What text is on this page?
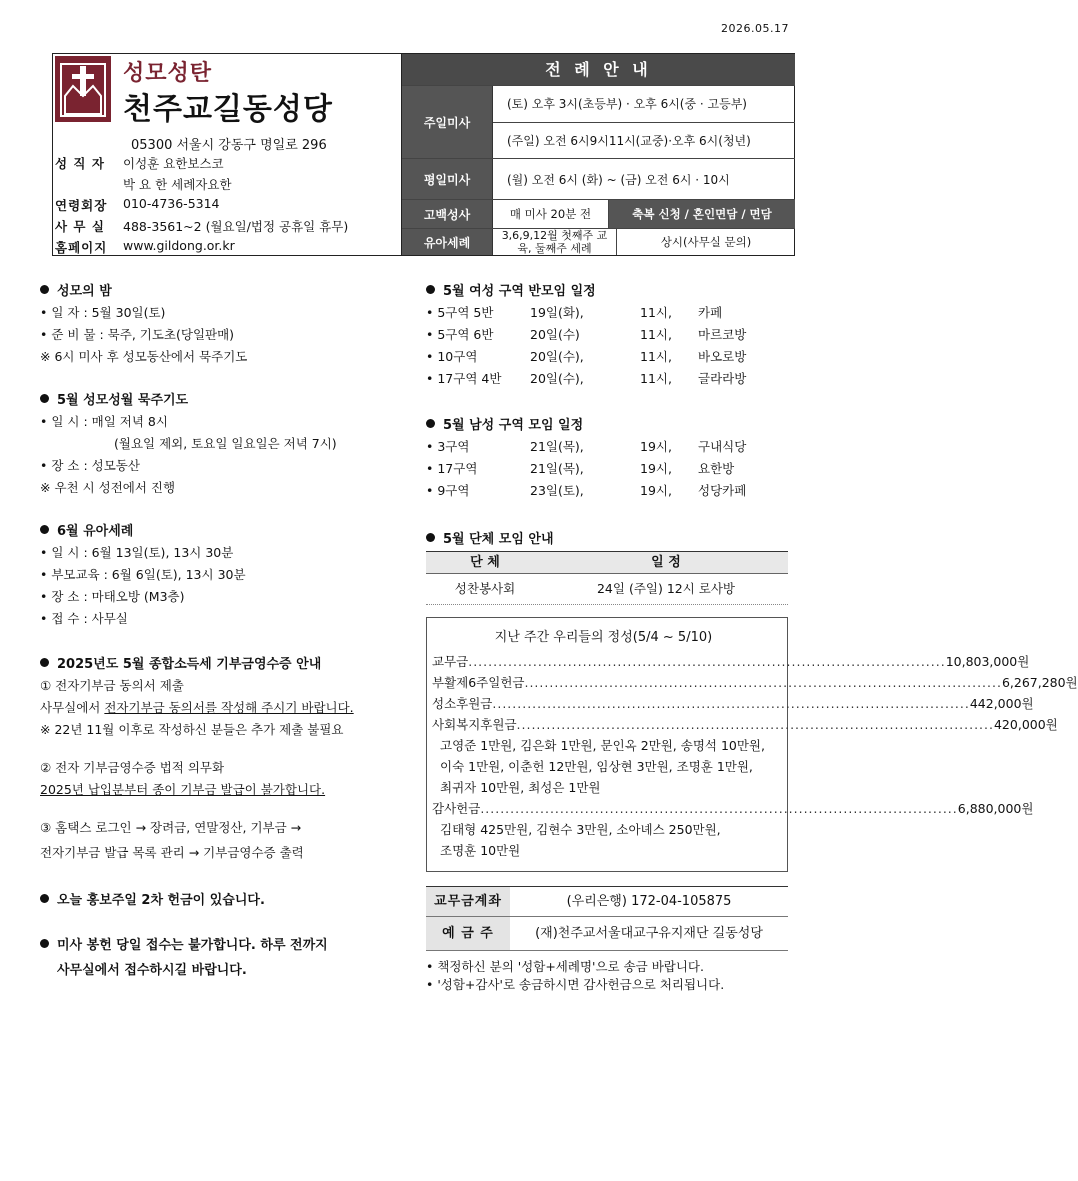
2026.05.17
성모성탄
천주교길동성당
05300 서울시 강동구 명일로 296
성 직 자	이성훈 요한보스코
박 요 한 세례자요한
연령회장	010-4736-5314
사 무 실	488-3561~2 (월요일/법정 공휴일 휴무)
홈페이지	www.gildong.or.kr
전 례 안 내
주일미사
(토) 오후 3시(초등부) · 오후 6시(중 · 고등부)
(주일) 오전 6시9시11시(교중)·오후 6시(청년)
평일미사	(월) 오전 6시 (화) ~ (금) 오전 6시 · 10시
고백성사	매 미사 20분 전	축복 신청 / 혼인면담 / 면담
유아세례	3,6,9,12월 첫째주 교육, 둘째주 세례	상시(사무실 문의)
성모의 밤
• 일 자 : 5월 30일(토)
• 준 비 물 : 묵주, 기도초(당일판매)
※ 6시 미사 후 성모동산에서 묵주기도
5월 성모성월 묵주기도
• 일 시 : 매일 저녁 8시
(월요일 제외, 토요일 일요일은 저녁 7시)
• 장 소 : 성모동산
※ 우천 시 성전에서 진행
6월 유아세례
• 일 시 : 6월 13일(토), 13시 30분
• 부모교육 : 6월 6일(토), 13시 30분
• 장 소 : 마태오방 (M3층)
• 접 수 : 사무실
2025년도 5월 종합소득세 기부금영수증 안내
① 전자기부금 동의서 제출
사무실에서 전자기부금 동의서를 작성해 주시기 바랍니다.
※ 22년 11월 이후로 작성하신 분들은 추가 제출 불필요
② 전자 기부금영수증 법적 의무화
2025년 납입분부터 종이 기부금 발급이 불가합니다.
③ 홈택스 로그인 → 장려금, 연말정산, 기부금 →
전자기부금 발급 목록 관리 → 기부금영수증 출력
오늘 홍보주일 2차 헌금이 있습니다.
미사 봉헌 당일 접수는 불가합니다. 하루 전까지
사무실에서 접수하시길 바랍니다.
5월 여성 구역 반모임 일정
• 5구역 5반	19일(화),	11시,	카페
• 5구역 6반	20일(수)	11시,	마르코방
• 10구역	20일(수),	11시,	바오로방
• 17구역 4반	20일(수),	11시,	글라라방
5월 남성 구역 모임 일정
• 3구역	21일(목),	19시,	구내식당
• 17구역	21일(목),	19시,	요한방
• 9구역	23일(토),	19시,	성당카페
5월 단체 모임 안내
단 체	일 정
성찬봉사회	24일 (주일) 12시 로사방
지난 주간 우리들의 정성(5/4 ~ 5/10)
교무금 ................................................................................................ 10,803,000원
부활제6주일헌금 ................................................................................................ 6,267,280원
성소후원금 ................................................................................................ 442,000원
사회복지후원금 ................................................................................................ 420,000원
고영준 1만원, 김은화 1만원, 문인옥 2만원, 송명석 10만원,
이숙 1만원, 이춘헌 12만원, 임상현 3만원, 조명훈 1만원,
최귀자 10만원, 최성은 1만원
감사헌금 ................................................................................................ 6,880,000원
김태형 425만원, 김현수 3만원, 소아녜스 250만원,
조명훈 10만원
교무금계좌	(우리은행) 172-04-105875
예 금 주	(재)천주교서울대교구유지재단 길동성당
• 책정하신 분의 '성함+세례명'으로 송금 바랍니다.
• '성함+감사'로 송금하시면 감사헌금으로 처리됩니다.
